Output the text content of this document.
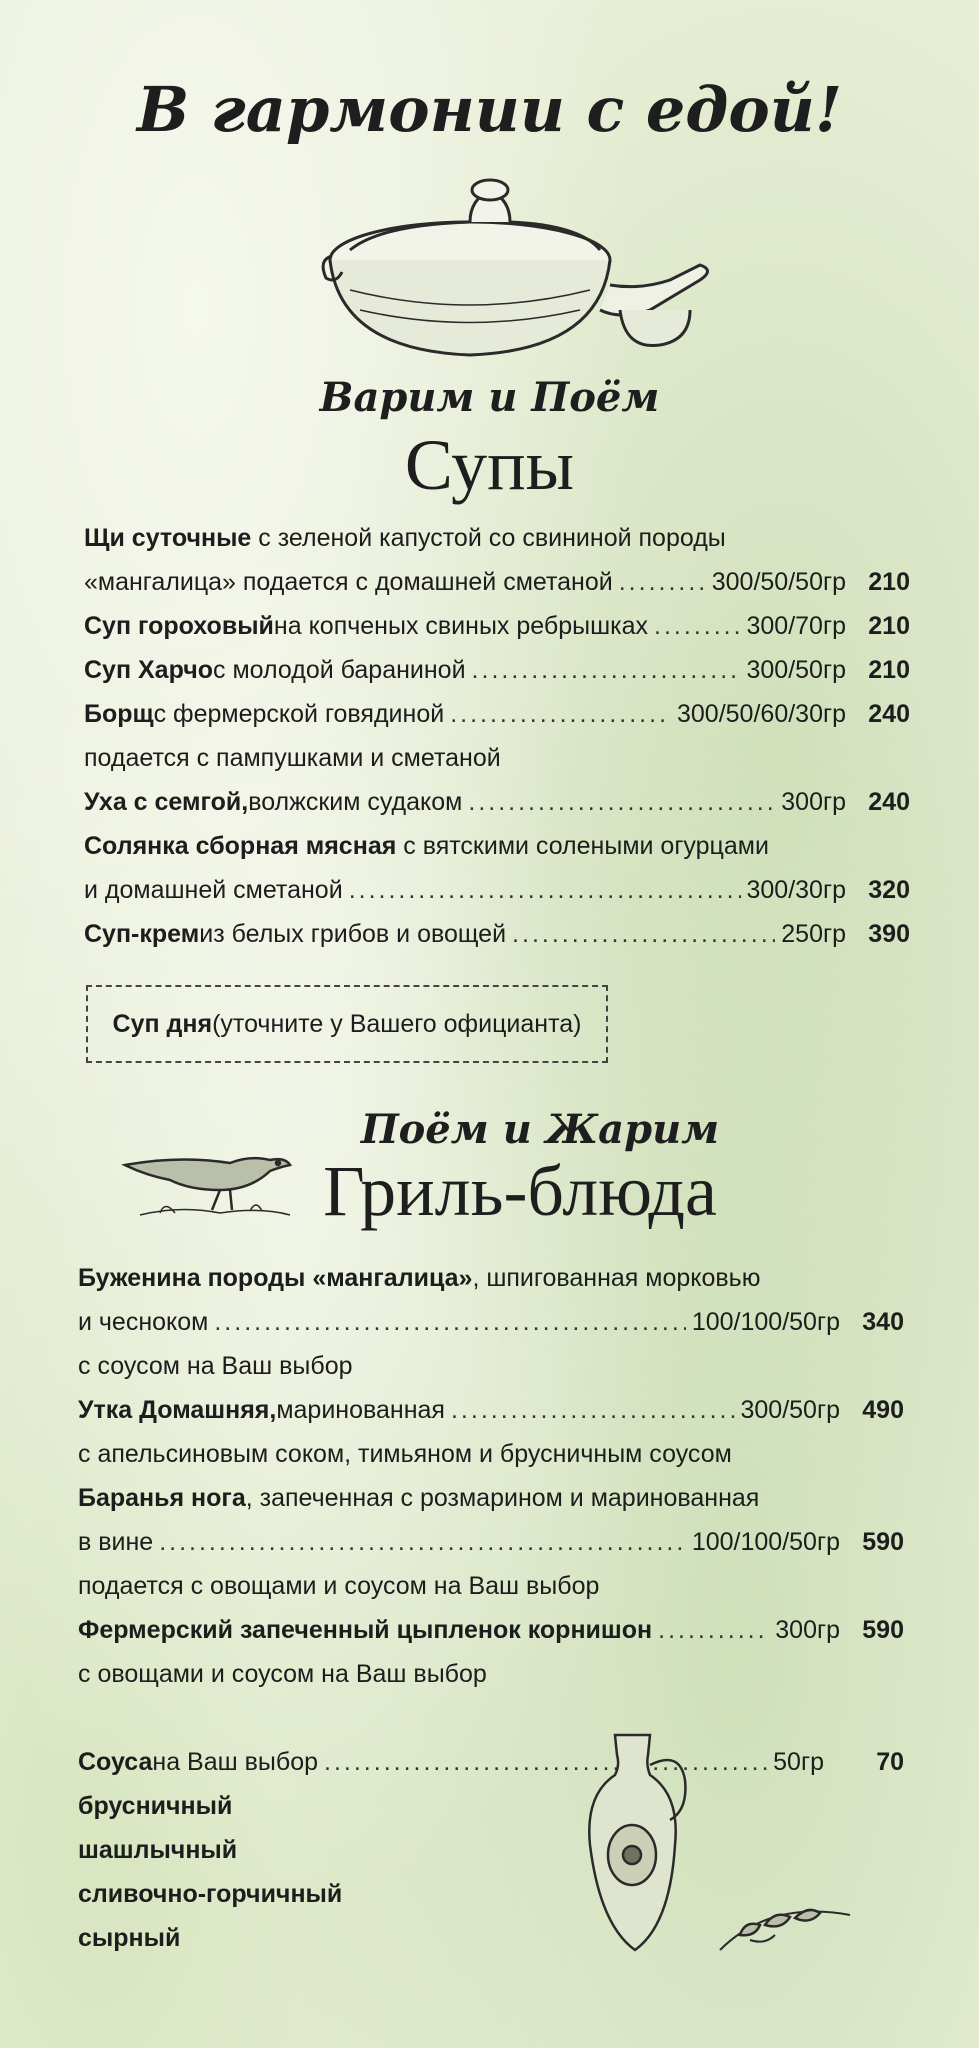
В гармонии с едой!
Варим и Поём
Супы
Щи суточные с зеленой капустой со свининой породы
«мангалица» подается с домашней сметаной .....	300/50/50гр 210
Суп гороховый на копченых свиных ребрышках .....	300/70гр 210
Суп Харчо с молодой бараниной .....	300/50гр 210
Борщ с фермерской говядиной .....	300/50/60/30гр 240
подается с пампушками и сметаной
Уха с семгой, волжским судаком .....	300гр 240
Солянка сборная мясная с вятскими солеными огурцами
и домашней сметаной .....	300/30гр 320
Суп-крем из белых грибов и овощей .....	250гр 390
Суп дня (уточните у Вашего официанта)
Поём и Жарим
Гриль-блюда
Буженина породы «мангалица», шпигованная морковью
и чесноком .....	100/100/50гр 340
с соусом на Ваш выбор
Утка Домашняя, маринованная .....	300/50гр 490
с апельсиновым соком, тимьяном и брусничным соусом
Баранья нога, запеченная с розмарином и маринованная
в вине .....	100/100/50гр 590
подается с овощами и соусом на Ваш выбор
Фермерский запеченный цыпленок корнишон .....	300гр 590
с овощами и соусом на Ваш выбор
Соуса на Ваш выбор .....	50гр	70
брусничный
шашлычный
сливочно-горчичный
сырный
